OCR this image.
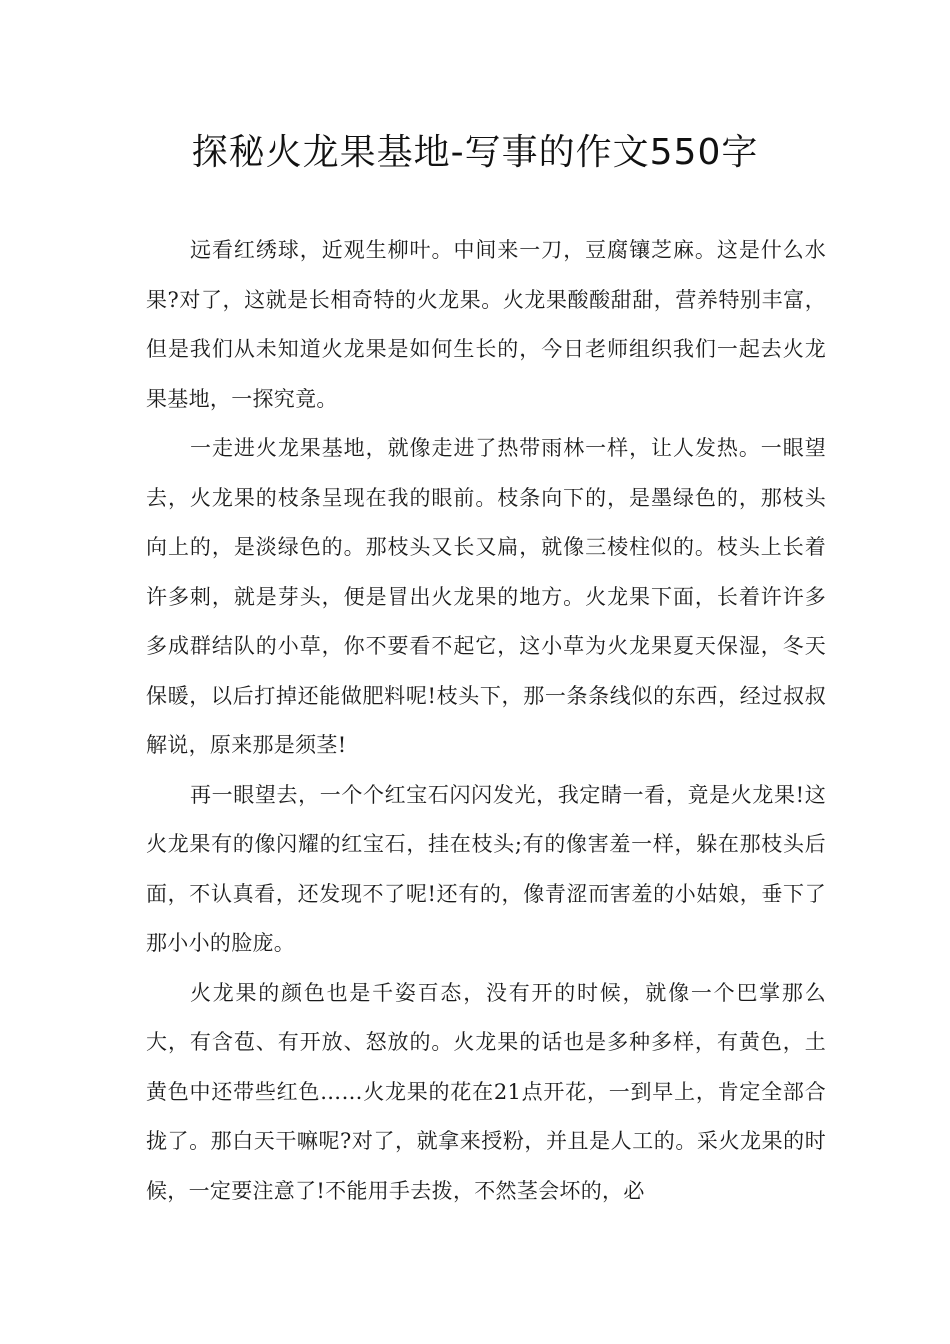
探秘火龙果基地-写事的作文550字

远看红绣球，近观生柳叶。中间来一刀，豆腐镶芝麻。这是什么水果?对了，这就是长相奇特的火龙果。火龙果酸酸甜甜，营养特别丰富，但是我们从未知道火龙果是如何生长的，今日老师组织我们一起去火龙果基地，一探究竟。

一走进火龙果基地，就像走进了热带雨林一样，让人发热。一眼望去，火龙果的枝条呈现在我的眼前。枝条向下的，是墨绿色的，那枝头向上的，是淡绿色的。那枝头又长又扁，就像三棱柱似的。枝头上长着许多刺，就是芽头，便是冒出火龙果的地方。火龙果下面，长着许许多多成群结队的小草，你不要看不起它，这小草为火龙果夏天保湿，冬天保暖，以后打掉还能做肥料呢!枝头下，那一条条线似的东西，经过叔叔解说，原来那是须茎!

再一眼望去，一个个红宝石闪闪发光，我定睛一看，竟是火龙果!这火龙果有的像闪耀的红宝石，挂在枝头;有的像害羞一样，躲在那枝头后面，不认真看，还发现不了呢!还有的，像青涩而害羞的小姑娘，垂下了那小小的脸庞。

火龙果的颜色也是千姿百态，没有开的时候，就像一个巴掌那么大，有含苞、有开放、怒放的。火龙果的话也是多种多样，有黄色，土黄色中还带些红色……火龙果的花在21点开花，一到早上，肯定全部合拢了。那白天干嘛呢?对了，就拿来授粉，并且是人工的。采火龙果的时候，一定要注意了!不能用手去拨，不然茎会坏的，必
